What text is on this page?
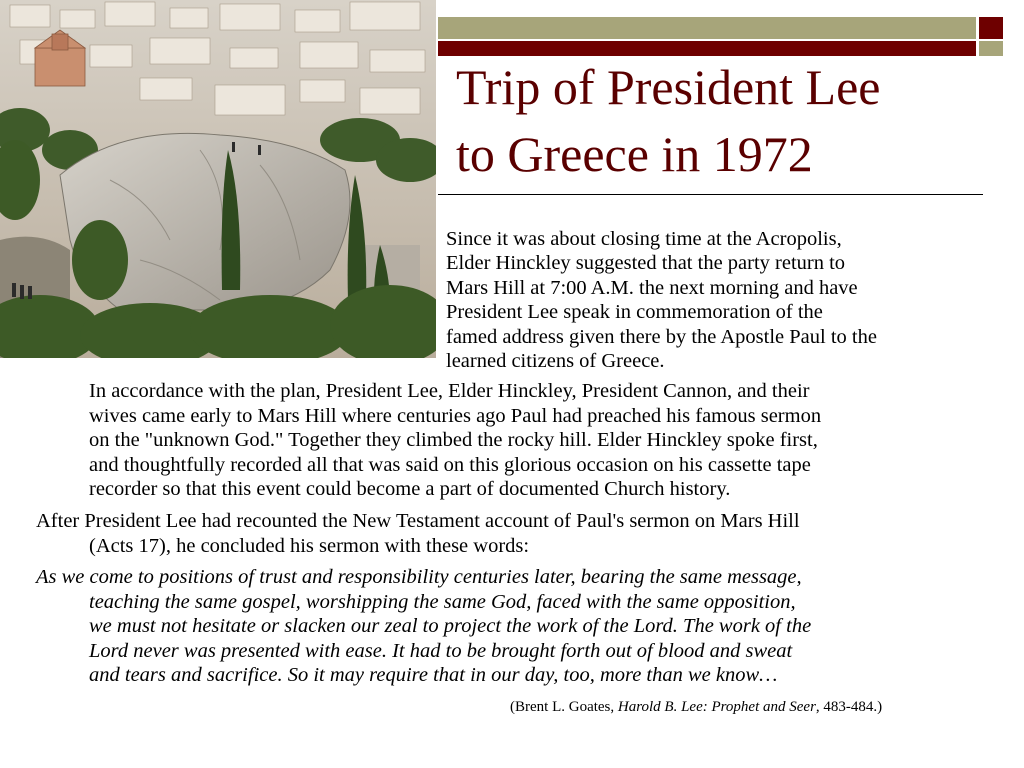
Trip of President Lee
to Greece in 1972

Since it was about closing time at the Acropolis,
Elder Hinckley suggested that the party return to
Mars Hill at 7:00 A.M. the next morning and have
President Lee speak in commemoration of the
famed address given there by the Apostle Paul to the
learned citizens of Greece.

In accordance with the plan, President Lee, Elder Hinckley, President Cannon, and their
wives came early to Mars Hill where centuries ago Paul had preached his famous sermon
on the "unknown God." Together they climbed the rocky hill. Elder Hinckley spoke first,
and thoughtfully recorded all that was said on this glorious occasion on his cassette tape
recorder so that this event could become a part of documented Church history.

After President Lee had recounted the New Testament account of Paul's sermon on Mars Hill
(Acts 17), he concluded his sermon with these words:

As we come to positions of trust and responsibility centuries later, bearing the same message,
teaching the same gospel, worshipping the same God, faced with the same opposition,
we must not hesitate or slacken our zeal to project the work of the Lord. The work of the
Lord never was presented with ease. It had to be brought forth out of blood and sweat
and tears and sacrifice. So it may require that in our day, too, more than we know…

(Brent L. Goates, Harold B. Lee: Prophet and Seer, 483-484.)
